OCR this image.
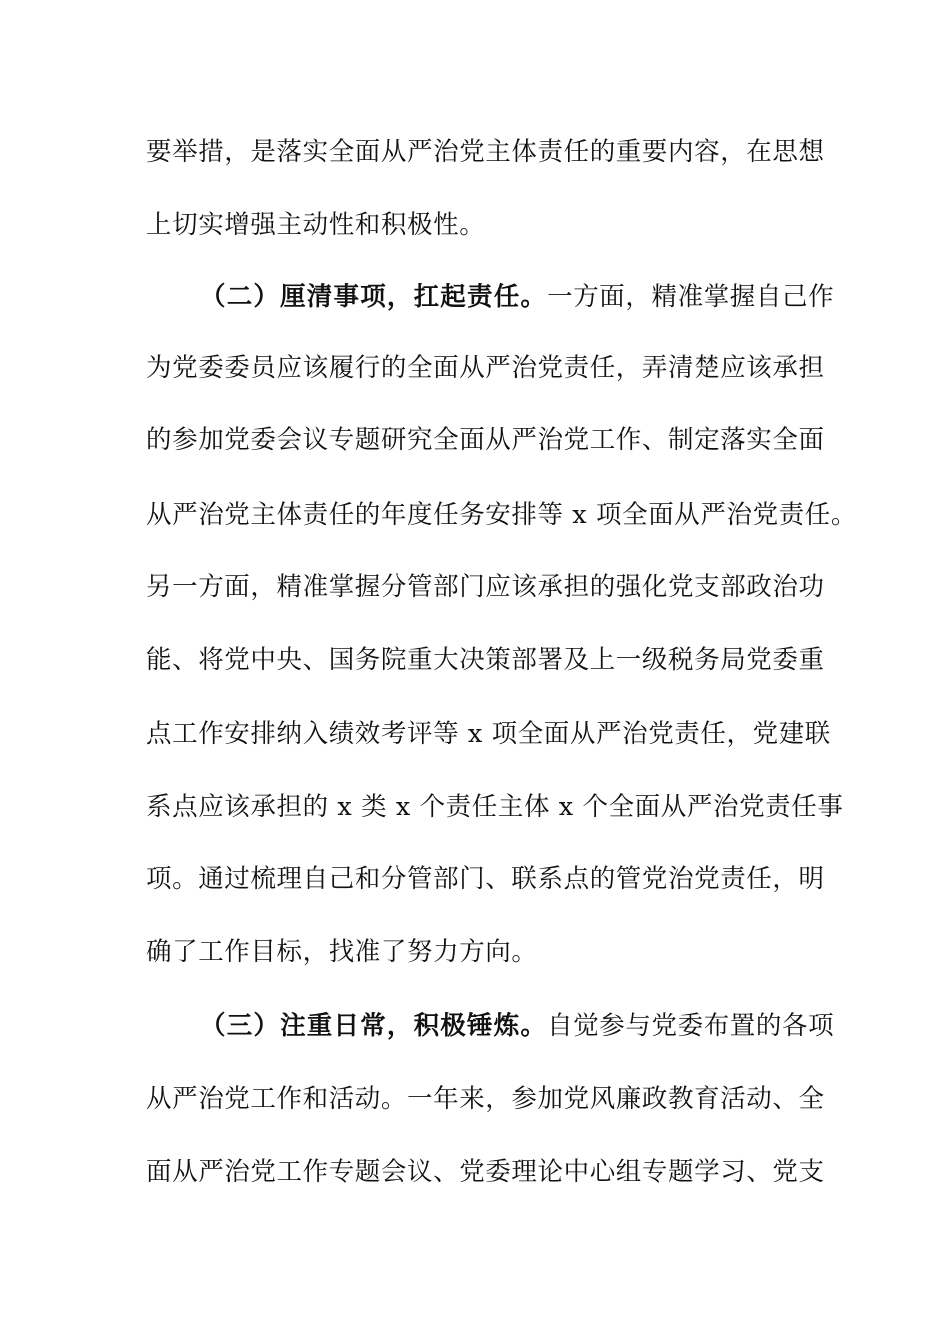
要举措，是落实全面从严治党主体责任的重要内容，在思想
上切实增强主动性和积极性。
（二）厘清事项，扛起责任。一方面，精准掌握自己作
为党委委员应该履行的全面从严治党责任，弄清楚应该承担
的参加党委会议专题研究全面从严治党工作、制定落实全面
从严治党主体责任的年度任务安排等 x 项全面从严治党责任。
另一方面，精准掌握分管部门应该承担的强化党支部政治功
能、将党中央、国务院重大决策部署及上一级税务局党委重
点工作安排纳入绩效考评等 x 项全面从严治党责任，党建联
系点应该承担的 x 类 x 个责任主体 x 个全面从严治党责任事
项。通过梳理自己和分管部门、联系点的管党治党责任，明
确了工作目标，找准了努力方向。
（三）注重日常，积极锤炼。自觉参与党委布置的各项
从严治党工作和活动。一年来，参加党风廉政教育活动、全
面从严治党工作专题会议、党委理论中心组专题学习、党支
